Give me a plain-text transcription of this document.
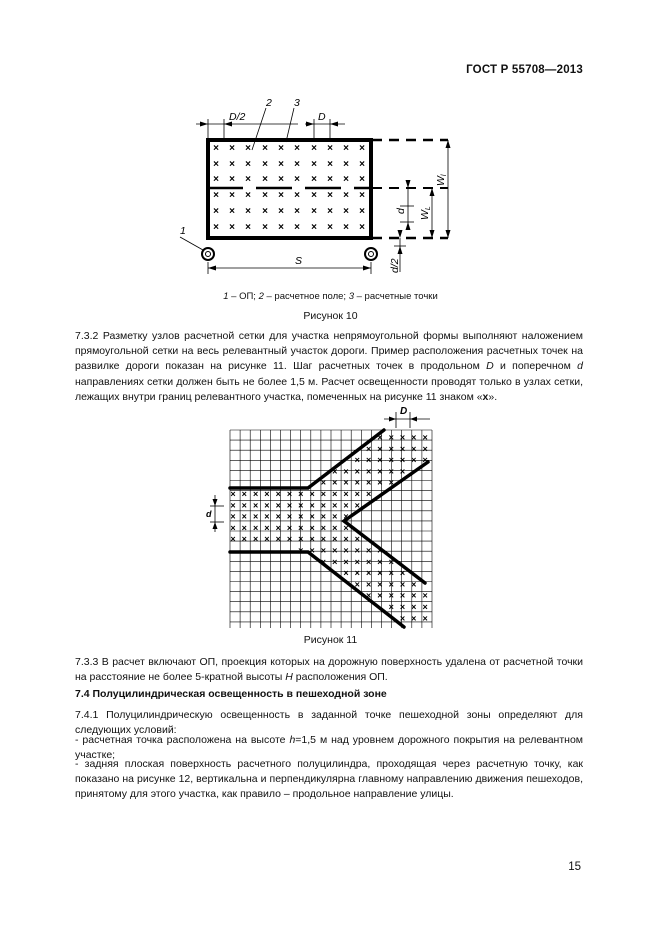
ГОСТ Р 55708—2013
× × × × × × × × × ×
× × × × × × × × × ×
× × × × × × × × × ×
× × × × × × × × × ×
× × × × × × × × × ×
× × × × × × × × × ×
1
2 3
D/2	D
S
d
d/2
WL
Wl
1 – ОП; 2 – расчетное поле; 3 – расчетные точки
Рисунок 10

7.3.2 Разметку узлов расчетной сетки для участка непрямоугольной формы выполняют наложением прямоугольной сетки на весь релевантный участок дороги. Пример расположения расчетных точек на развилке дороги показан на рисунке 11. Шаг расчетных точек в продольном D и поперечном d направлениях сетки должен быть не более 1,5 м. Расчет освещенности проводят только в узлах сетки, лежащих внутри границ релевантного участка, помеченных на рисунке 11 знаком «x».

×
×
×
×
×
×
×
×
×
×
×
×
×
×
×
×
×
×
×
×
×
×
×
×
×
×
×
×
×
×
×
×
×
×
×
×
×
×
×
×
×
×
×
×
×
×
×
×
×
×
×
×
×
×
×
×
×
×
×
×
×
×
×
×
×
×
×
×
×
×
×
×
×
×
×
×
×
×
×
×
×
×
×
×
×
×
×
×
×
×
×
×
×
×
×
×
×
×
×
×
×
×
×
×
×
×
×
×
×
×
×
×
×
×
×
×
×
×
×
×
×
×
×
×
×
×
×
×
×
×
×
D
d
Рисунок 11

7.3.3 В расчет включают ОП, проекция которых на дорожную поверхность удалена от расчетной точки на расстояние не более 5-кратной высоты H расположения ОП.

7.4 Полуцилиндрическая освещенность в пешеходной зоне

7.4.1 Полуцилиндрическую освещенность в заданной точке пешеходной зоны определяют для следующих условий:

- расчетная точка расположена на высоте h=1,5 м над уровнем дорожного покрытия на релевантном участке;

- задняя плоская поверхность расчетного полуцилиндра, проходящая через расчетную точку, как показано на рисунке 12, вертикальна и перпендикулярна главному направлению движения пешеходов, принятому для этого участка, как правило – продольное направление улицы.

15
